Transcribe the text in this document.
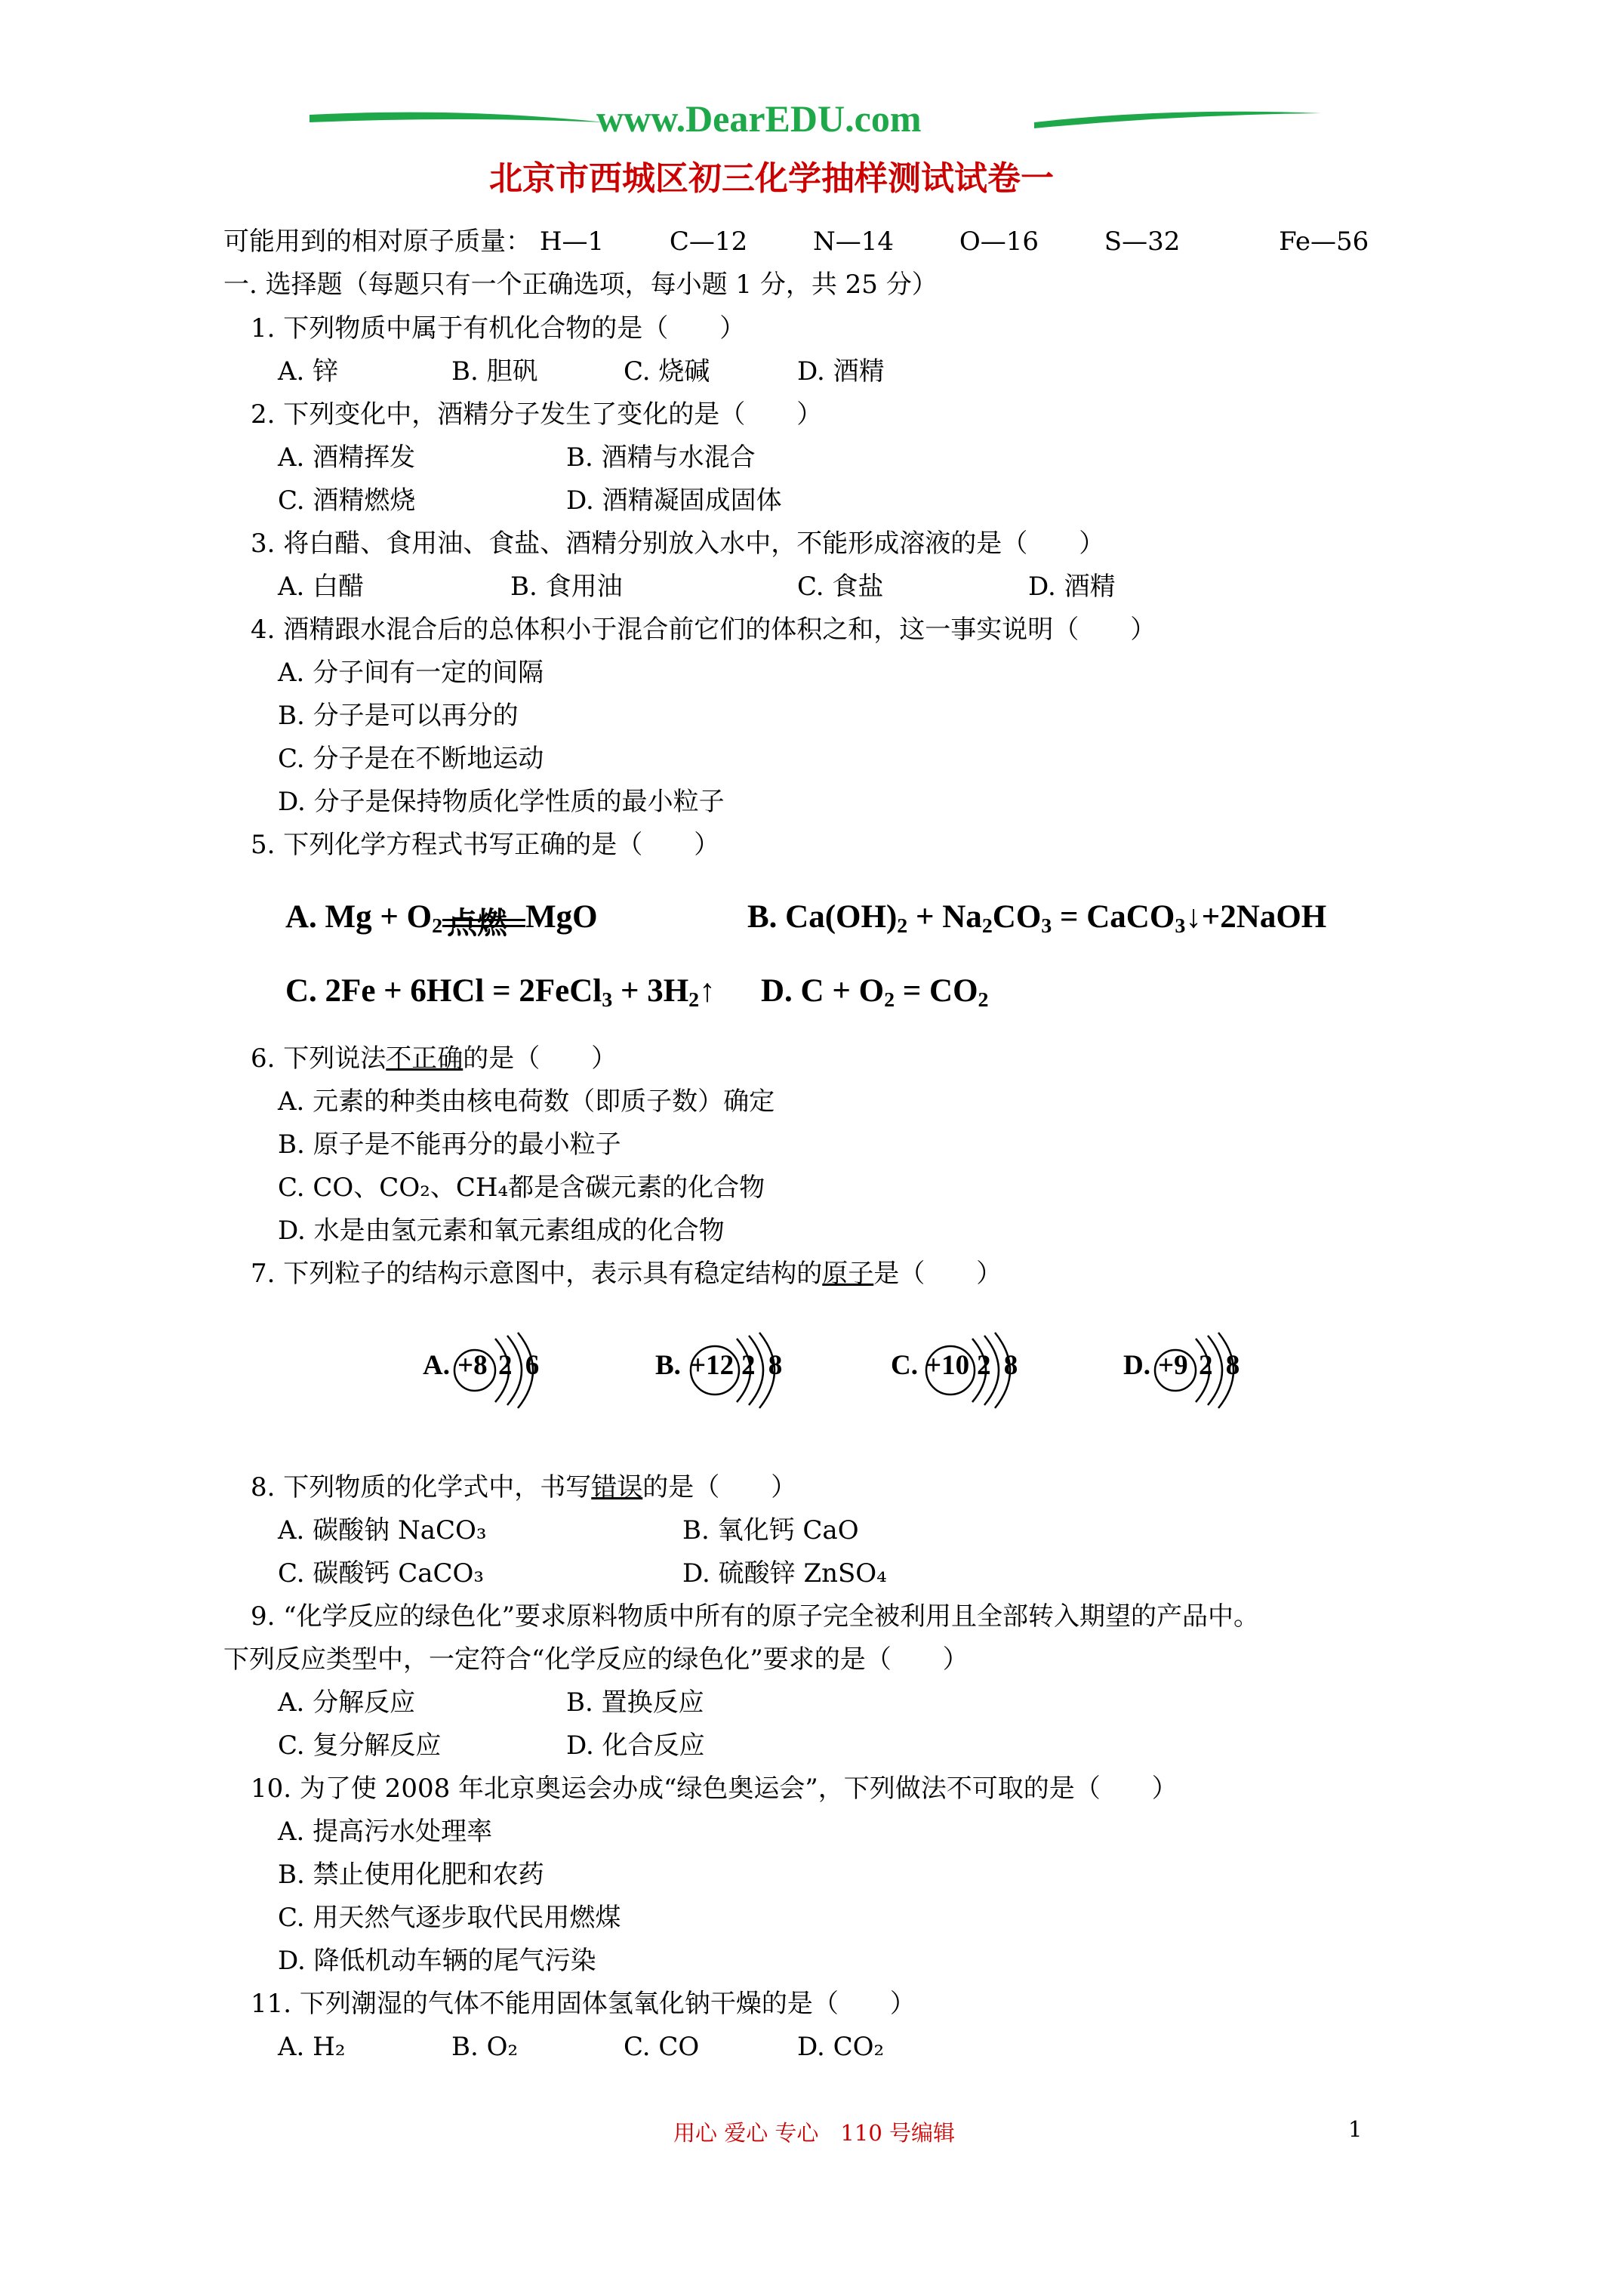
www.DearEDU.com
北京市西城区初三化学抽样测试试卷一
可能用到的相对原子质量： H—1	C—12	N—14	O—16	S—32	Fe—56
一. 选择题（每题只有一个正确选项，每小题 1 分，共 25 分）
1. 下列物质中属于有机化合物的是（　　）
A. 锌	B. 胆矾	C. 烧碱	D. 酒精
2. 下列变化中，酒精分子发生了变化的是（　　）
A. 酒精挥发	B. 酒精与水混合
C. 酒精燃烧	D. 酒精凝固成固体
3. 将白醋、食用油、食盐、酒精分别放入水中，不能形成溶液的是（　　）
A. 白醋	B. 食用油	C. 食盐	D. 酒精
4. 酒精跟水混合后的总体积小于混合前它们的体积之和，这一事实说明（　　）
A. 分子间有一定的间隔
B. 分子是可以再分的
C. 分子是在不断地运动
D. 分子是保持物质化学性质的最小粒子
5. 下列化学方程式书写正确的是（　　）
A. $Mg + O_2$ 点燃 MgO	B. $Ca(OH)_2 + Na_2CO_3$ = CaCO$_3$↓+2NaOH
C. 2Fe + 6HCl = 2FeCl$_3$ + $3H_2↑$ D. $C + O_2 = CO_2$
6. 下列说法不正确的是（　　）
A. 元素的种类由核电荷数（即质子数）确定
B. 原子是不能再分的最小粒子
C. CO、CO₂、CH₄都是含碳元素的化合物
D. 水是由氢元素和氧元素组成的化合物
7. 下列粒子的结构示意图中，表示具有稳定结构的原子是（　　）
A. +8 2 6	B. +12 2 8	C. +10 2 8	D. +9 2 8
8. 下列物质的化学式中，书写错误的是（　　）
A. 碳酸钠 NaCO₃	B. 氧化钙 CaO
C. 碳酸钙 CaCO₃	D. 硫酸锌 ZnSO₄
9. “化学反应的绿色化”要求原料物质中所有的原子完全被利用且全部转入期望的产品中。
下列反应类型中，一定符合“化学反应的绿色化”要求的是（　　）
A. 分解反应	B. 置换反应
C. 复分解反应	D. 化合反应
10. 为了使 2008 年北京奥运会办成“绿色奥运会”，下列做法不可取的是（　　）
A. 提高污水处理率
B. 禁止使用化肥和农药
C. 用天然气逐步取代民用燃煤
D. 降低机动车辆的尾气污染
11. 下列潮湿的气体不能用固体氢氧化钠干燥的是（　　）
A. H₂	B. O₂	C. CO	D. CO₂
用心 爱心 专心　110 号编辑	1
